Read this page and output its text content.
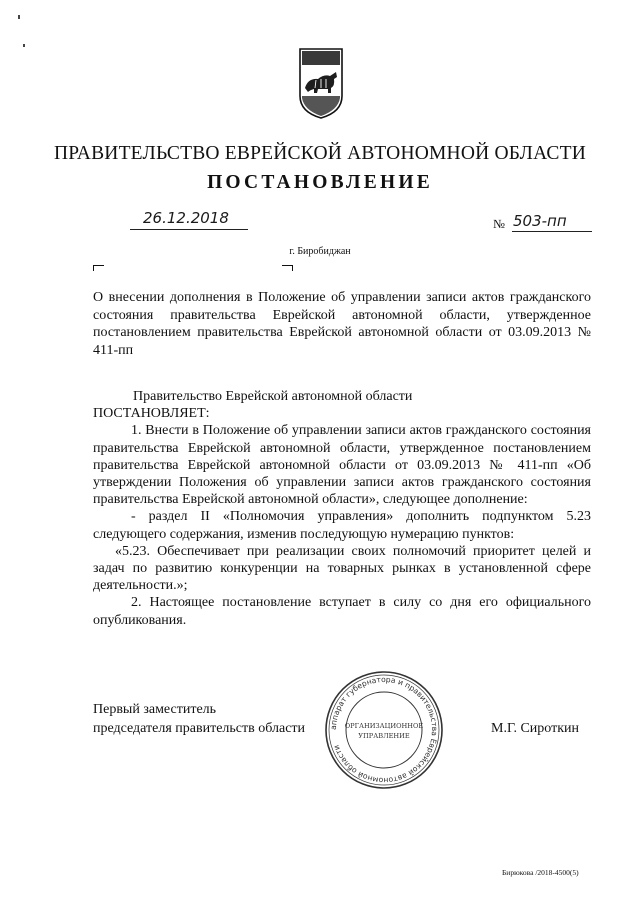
ПРАВИТЕЛЬСТВО ЕВРЕЙСКОЙ АВТОНОМНОЙ ОБЛАСТИ
ПОСТАНОВЛЕНИЕ
26.12.2018	№ 503-пп
г. Биробиджан
О внесении дополнения в Положение об управлении записи актов гражданского состояния правительства Еврейской автономной области, утвержденное постановлением правительства Еврейской автономной области от 03.09.2013 № 411-пп

Правительство Еврейской автономной области

ПОСТАНОВЛЯЕТ:

1. Внести в Положение об управлении записи актов гражданского состояния правительства Еврейской автономной области, утвержденное постановлением правительства Еврейской автономной области от 03.09.2013 № 411-пп «Об утверждении Положения об управлении записи актов гражданского состояния правительства Еврейской автономной области», следующее дополнение:

- раздел II «Полномочия управления» дополнить подпунктом 5.23 следующего содержания, изменив последующую нумерацию пунктов:

«5.23. Обеспечивает при реализации своих полномочий приоритет целей и задач по развитию конкуренции на товарных рынках в установленной сфере деятельности.»;

2. Настоящее постановление вступает в силу со дня его официального опубликования.

Первый заместитель
председателя правительств области	М.Г. Сироткин
аппарат губернатора и правительства Еврейской автономной области
ОРГАНИЗАЦИОННОЕ
УПРАВЛЕНИЕ
Бирюкова /2018-4500(5)
